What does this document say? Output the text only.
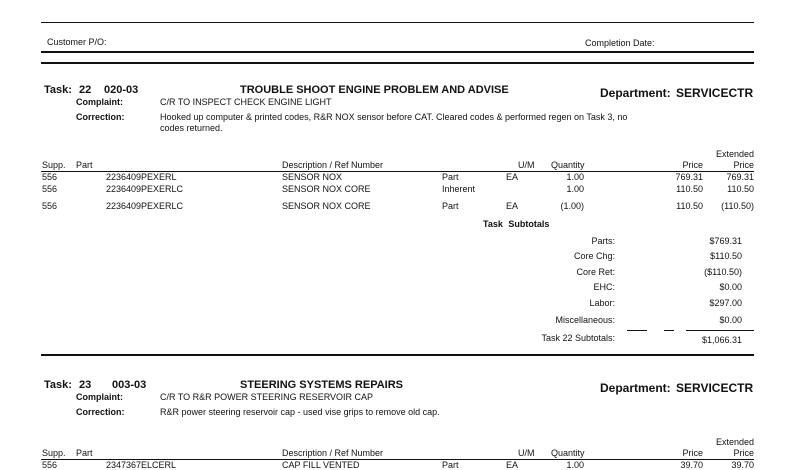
Customer P/O:	Completion Date:
Task: 22 020-03	TROUBLE SHOOT ENGINE PROBLEM AND ADVISE	Department: SERVICECTR
Complaint:	C/R TO INSPECT CHECK ENGINE LIGHT
Correction:	Hooked up computer & printed codes, R&R NOX sensor before CAT. Cleared codes & performed regen on Task 3, no
codes returned.
Extended
Supp. Part	Description / Ref Number	U/M Quantity	Price	Price
556	2236409PEXERL	SENSOR NOX	Part	EA	1.00	769.31	769.31
556	2236409PEXERLC	SENSOR NOX CORE	Inherent	1.00	110.50	110.50
556	2236409PEXERLC	SENSOR NOX CORE	Part	EA	(1.00)	110.50	(110.50)
Task Subtotals
Parts:	$769.31
Core Chg:	$110.50
Core Ret:	($110.50)
EHC:	$0.00
Labor:	$297.00
Miscellaneous:	$0.00
Task 22 Subtotals:	$1,066.31
Task: 23 003-03	STEERING SYSTEMS REPAIRS	Department: SERVICECTR
Complaint:	C/R TO R&R POWER STEERING RESERVOIR CAP
Correction:	R&R power steering reservoir cap - used vise grips to remove old cap.
Extended
Supp. Part	Description / Ref Number	U/M Quantity	Price	Price
556	2347367ELCERL	CAP FILL VENTED	Part	EA	1.00	39.70	39.70
